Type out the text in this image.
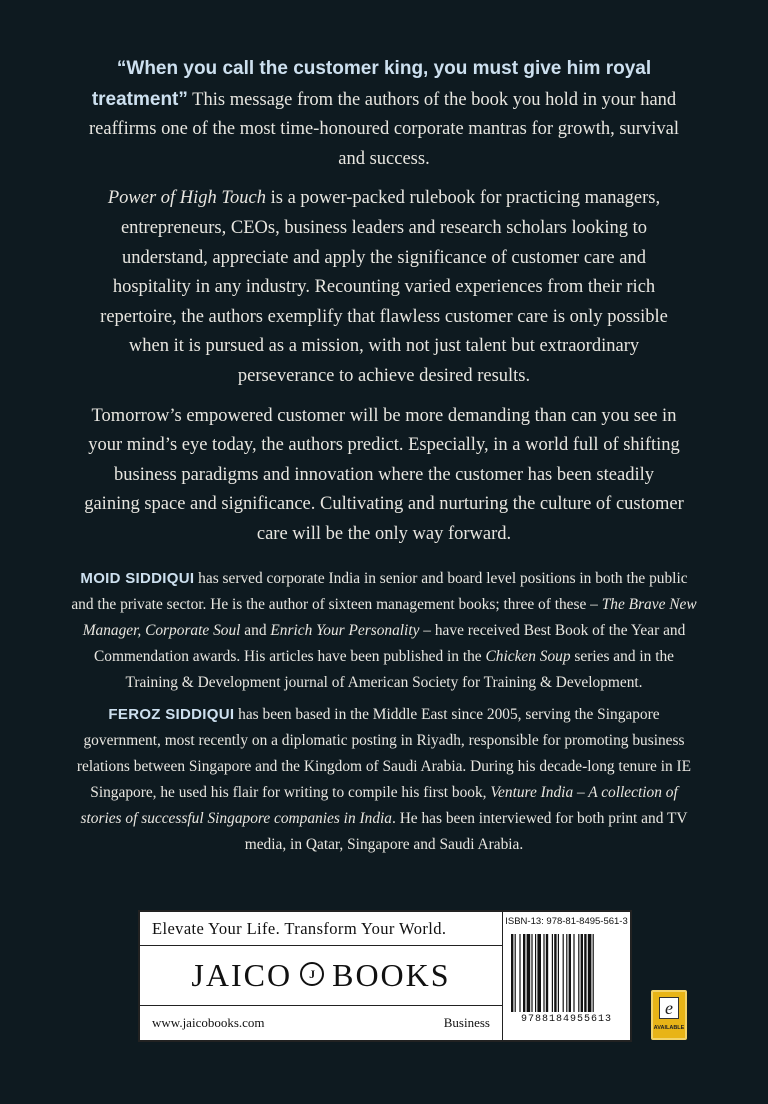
“When you call the customer king, you must give him royal treatment” This message from the authors of the book you hold in your hand reaffirms one of the most time-honoured corporate mantras for growth, survival and success.

Power of High Touch is a power-packed rulebook for practicing managers, entrepreneurs, CEOs, business leaders and research scholars looking to understand, appreciate and apply the significance of customer care and hospitality in any industry. Recounting varied experiences from their rich repertoire, the authors exemplify that flawless customer care is only possible when it is pursued as a mission, with not just talent but extraordinary perseverance to achieve desired results.

Tomorrow’s empowered customer will be more demanding than can you see in your mind’s eye today, the authors predict. Especially, in a world full of shifting business paradigms and innovation where the customer has been steadily gaining space and significance. Cultivating and nurturing the culture of customer care will be the only way forward.

MOID SIDDIQUI has served corporate India in senior and board level positions in both the public and the private sector. He is the author of sixteen management books; three of these – The Brave New Manager, Corporate Soul and Enrich Your Personality – have received Best Book of the Year and Commendation awards. His articles have been published in the Chicken Soup series and in the Training & Development journal of American Society for Training & Development.

FEROZ SIDDIQUI has been based in the Middle East since 2005, serving the Singapore government, most recently on a diplomatic posting in Riyadh, responsible for promoting business relations between Singapore and the Kingdom of Saudi Arabia. During his decade-long tenure in IE Singapore, he used his flair for writing to compile his first book, Venture India – A collection of stories of successful Singapore companies in India. He has been interviewed for both print and TV media, in Qatar, Singapore and Saudi Arabia.

Elevate Your Life. Transform Your World.
JAICO	J BOOKS
www.jaicobooks.com	Business
ISBN-13: 978-81-8495-561-3
9788184955613
e
AVAILABLE
